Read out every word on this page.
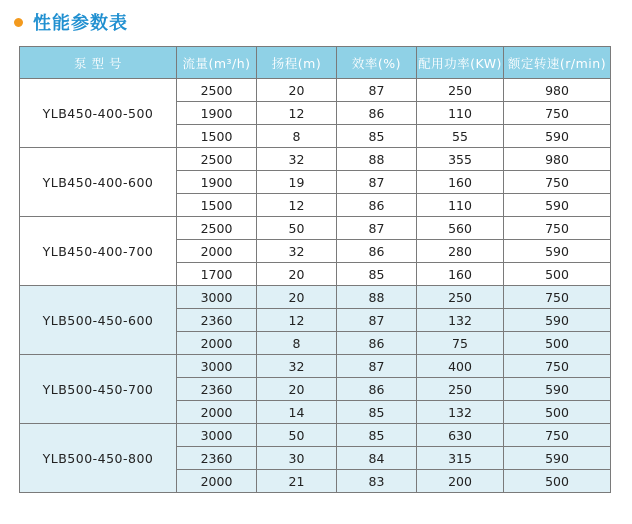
性能参数表
泵 型 号	流量(m³/h)	扬程(m)	效率(%)	配用功率(KW)	额定转速(r/min)
YLB450-400-500	2500	20	87	250	980
	1900	12	86	110	750
	1500	8	85	55	590
YLB450-400-600	2500	32	88	355	980
	1900	19	87	160	750
	1500	12	86	110	590
YLB450-400-700	2500	50	87	560	750
	2000	32	86	280	590
	1700	20	85	160	500
YLB500-450-600	3000	20	88	250	750
	2360	12	87	132	590
	2000	8	86	75	500
YLB500-450-700	3000	32	87	400	750
	2360	20	86	250	590
	2000	14	85	132	500
YLB500-450-800	3000	50	85	630	750
	2360	30	84	315	590
	2000	21	83	200	500
